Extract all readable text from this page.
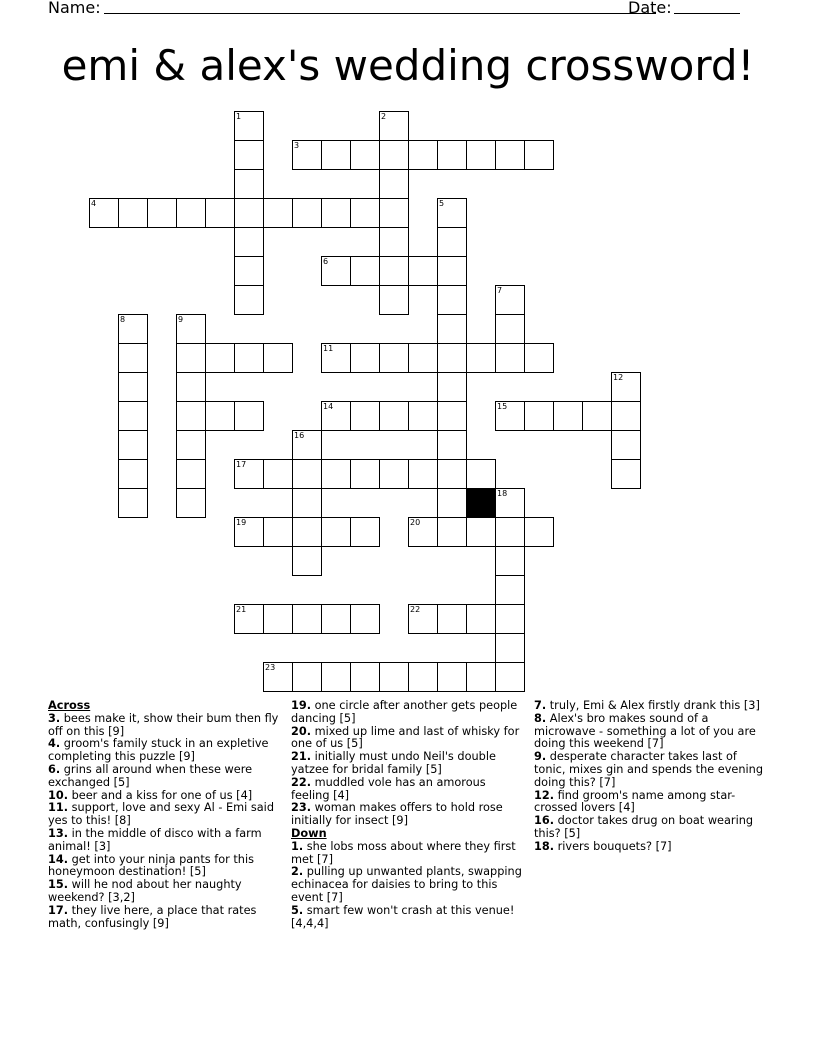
Name:	Date:
emi & alex's wedding crossword!
1	2
3
4	5
6
7
8	9
11
12
14	15
16
17
18
19	20
21	22
23
Across
3. bees make it, show their bum then fly off on this [9]
4. groom's family stuck in an expletive completing this puzzle [9]
6. grins all around when these were exchanged [5]
10. beer and a kiss for one of us [4]
11. support, love and sexy Al - Emi said yes to this! [8]
13. in the middle of disco with a farm animal! [3]
14. get into your ninja pants for this honeymoon destination! [5]
15. will he nod about her naughty weekend? [3,2]
17. they live here, a place that rates math, confusingly [9]
19. one circle after another gets people dancing [5]
20. mixed up lime and last of whisky for one of us [5]
21. initially must undo Neil's double yatzee for bridal family [5]
22. muddled vole has an amorous feeling [4]
23. woman makes offers to hold rose initially for insect [9]
Down
1. she lobs moss about where they first met [7]
2. pulling up unwanted plants, swapping echinacea for daisies to bring to this event [7]
5. smart few won't crash at this venue! [4,4,4]
7. truly, Emi & Alex firstly drank this [3]
8. Alex's bro makes sound of a microwave - something a lot of you are doing this weekend [7]
9. desperate character takes last of tonic, mixes gin and spends the evening doing this? [7]
12. find groom's name among star-crossed lovers [4]
16. doctor takes drug on boat wearing this? [5]
18. rivers bouquets? [7]
